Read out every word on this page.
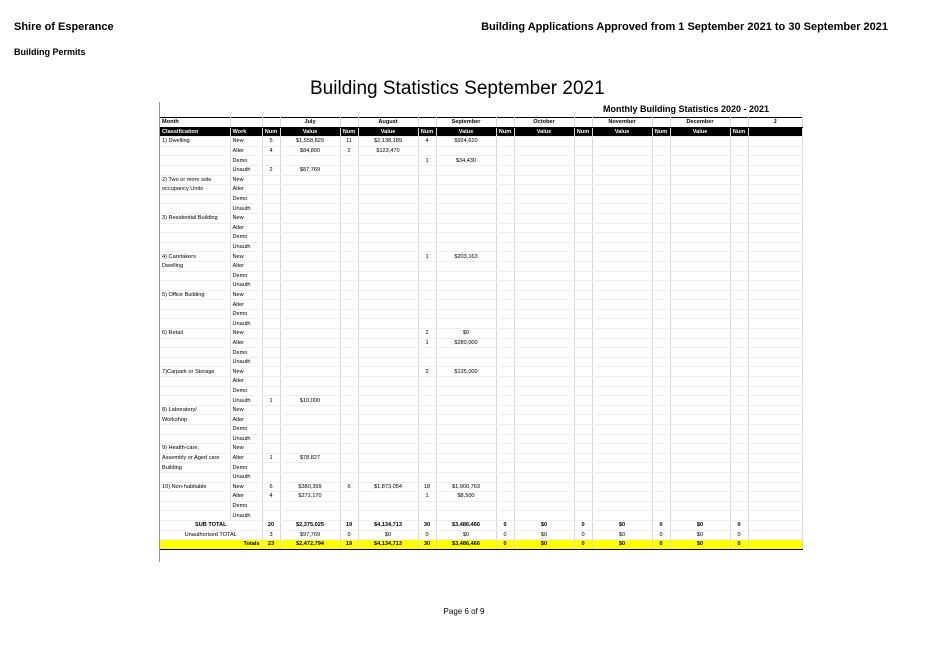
Shire of Esperance
Building Permits
Building Applications Approved from 1 September 2021 to 30 September 2021
Building Statistics September 2021
Monthly Building Statistics 2020 - 2021
Month			July		August		September		October		November		December		J
Classification	Work	Num	Value	Num	Value	Num	Value	Num	Value	Num	Value	Num	Value	Num	
1) Dwelling	New	5	$1,558,829	11	$2,138,189	4	$924,610								
	Alter	4	$84,800	2	$123,470										
	Demo					1	$34,430								
	Unauth	2	$87,769												
2) Two or more sole	New														
occupancy Units	Alter														
	Demo														
	Unauth														
3) Residential Building	New														
	Alter														
	Demo														
	Unauth														
4) Caretakers	New					1	$203,163								
Dwelling	Alter														
	Demo														
	Unauth														
5) Office Building	New														
	Alter														
	Demo														
	Unauth														
6) Retail	New					2	$0								
	Alter					1	$280,000								
	Demo														
	Unauth														
7)Carpark or Storage	New					2	$135,000								
	Alter														
	Demo														
	Unauth	1	$10,000												
8) Laboratory/	New														
Workshop	Alter														
	Demo														
	Unauth														
9) Health-care,	New														
Assembly or Aged care	Alter	1	$78,827												
Building	Demo														
	Unauth														
10) Non-habitable	New	6	$380,399	6	$1,873,054	18	$1,900,763								
	Alter	4	$272,170			1	$8,500								
	Demo														
	Unauth														
SUB TOTAL		20	$2,375,025	19	$4,134,713	30	$3,486,466	0	$0	0	$0	0	$0	0	
Unauthorised TOTAL		3	$97,769	0	$0	0	$0	0	$0	0	$0	0	$0	0	
Totals		23	$2,472,794	19	$4,134,713	30	$3,486,466	0	$0	0	$0	0	$0	0	
Page 6 of 9
